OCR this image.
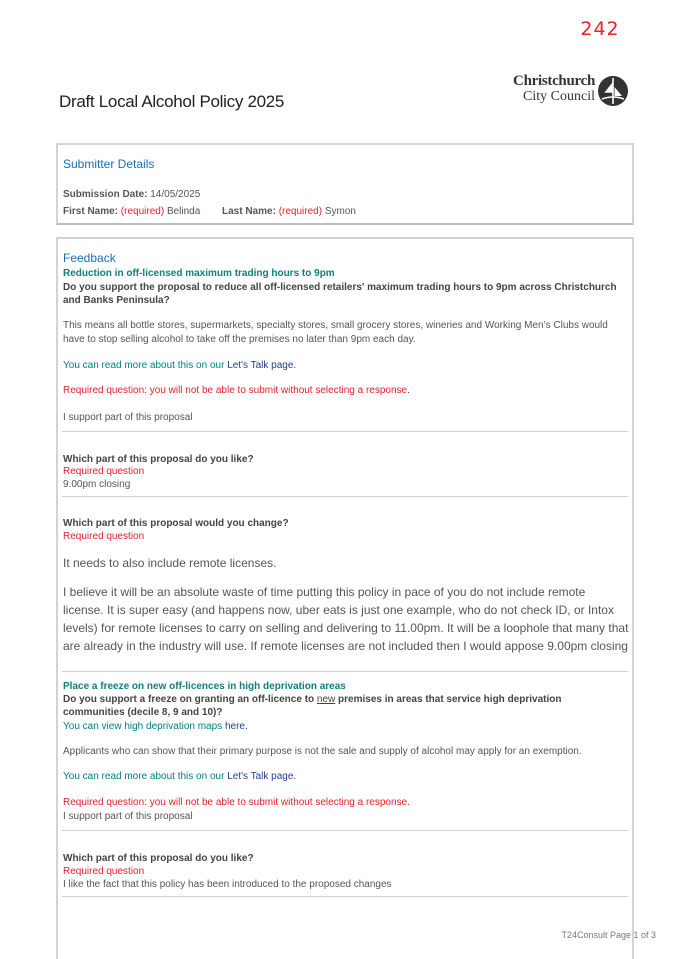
242
Draft Local Alcohol Policy 2025
Christchurch
City Council
Submitter Details
Submission Date: 14/05/2025
First Name: (required) Belinda Last Name: (required) Symon
Feedback
Reduction in off-licensed maximum trading hours to 9pm
Do you support the proposal to reduce all off-licensed retailers' maximum trading hours to 9pm across Christchurch and Banks Peninsula?
This means all bottle stores, supermarkets, specialty stores, small grocery stores, wineries and Working Men’s Clubs would have to stop selling alcohol to take off the premises no later than 9pm each day.
You can read more about this on our Let's Talk page.
Required question: you will not be able to submit without selecting a response.
I support part of this proposal
Which part of this proposal do you like?
Required question
9.00pm closing
Which part of this proposal would you change?
Required question
It needs to also include remote licenses.
I believe it will be an absolute waste of time putting this policy in pace of you do not include remote license. It is super easy (and happens now, uber eats is just one example, who do not check ID, or Intox levels) for remote licenses to carry on selling and delivering to 11.00pm. It will be a loophole that many that are already in the industry will use. If remote licenses are not included then I would appose 9.00pm closing
Place a freeze on new off-licences in high deprivation areas
Do you support a freeze on granting an off-licence to new premises in areas that service high deprivation communities (decile 8, 9 and 10)?
You can view high deprivation maps here.
Applicants who can show that their primary purpose is not the sale and supply of alcohol may apply for an exemption.
You can read more about this on our Let's Talk page.
Required question: you will not be able to submit without selecting a response.
I support part of this proposal
Which part of this proposal do you like?
Required question
I like the fact that this policy has been introduced to the proposed changes
T24Consult Page 1 of 3
